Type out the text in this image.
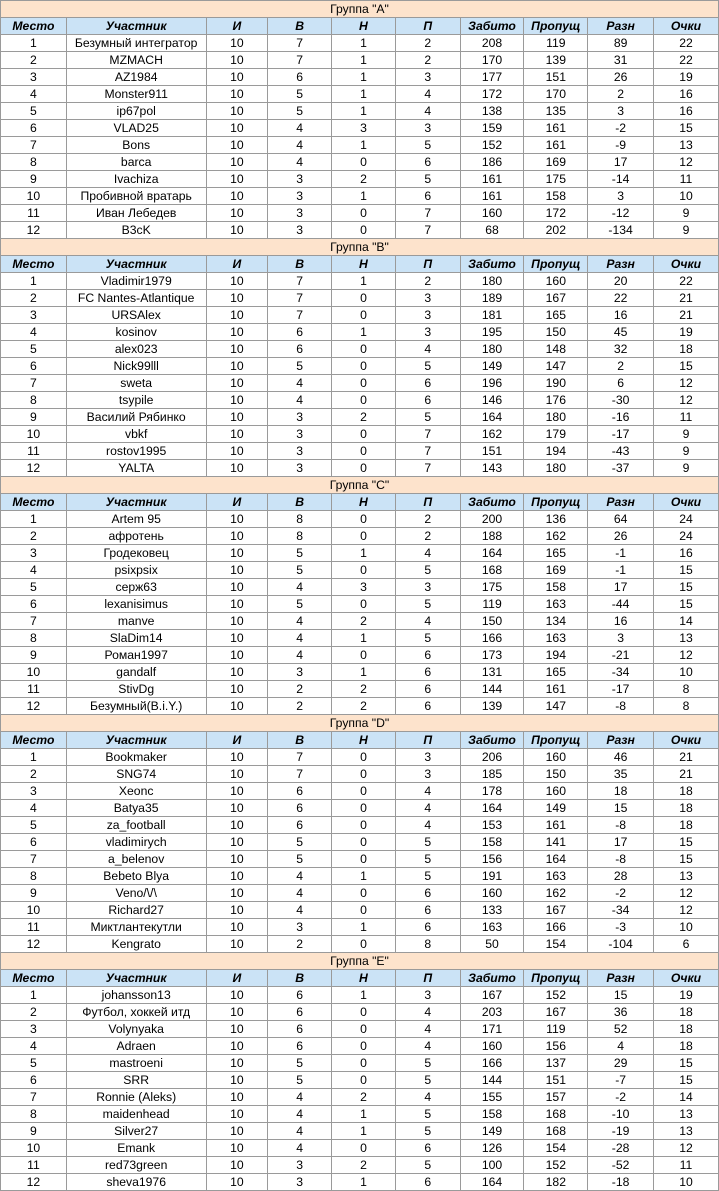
Группа "A"									
Место	Участник	И	В	Н	П	Забито	Пропущ	Разн	Очки
1	Безумный интегратор	10	7	1	2	208	119	89	22
2	MZMACH	10	7	1	2	170	139	31	22
3	AZ1984	10	6	1	3	177	151	26	19
4	Monster911	10	5	1	4	172	170	2	16
5	ip67pol	10	5	1	4	138	135	3	16
6	VLAD25	10	4	3	3	159	161	-2	15
7	Bons	10	4	1	5	152	161	-9	13
8	barca	10	4	0	6	186	169	17	12
9	Ivachiza	10	3	2	5	161	175	-14	11
10	Пробивной вратарь	10	3	1	6	161	158	3	10
11	Иван Лебедев	10	3	0	7	160	172	-12	9
12	B3cK	10	3	0	7	68	202	-134	9
Группа "B"									
Место	Участник	И	В	Н	П	Забито	Пропущ	Разн	Очки
1	Vladimir1979	10	7	1	2	180	160	20	22
2	FC Nantes-Atlantique	10	7	0	3	189	167	22	21
3	URSAlex	10	7	0	3	181	165	16	21
4	kosinov	10	6	1	3	195	150	45	19
5	alex023	10	6	0	4	180	148	32	18
6	Nick99lll	10	5	0	5	149	147	2	15
7	sweta	10	4	0	6	196	190	6	12
8	tsypile	10	4	0	6	146	176	-30	12
9	Василий Рябинко	10	3	2	5	164	180	-16	11
10	vbkf	10	3	0	7	162	179	-17	9
11	rostov1995	10	3	0	7	151	194	-43	9
12	YALTA	10	3	0	7	143	180	-37	9
Группа "C"									
Место	Участник	И	В	Н	П	Забито	Пропущ	Разн	Очки
1	Artem 95	10	8	0	2	200	136	64	24
2	афротень	10	8	0	2	188	162	26	24
3	Гродековец	10	5	1	4	164	165	-1	16
4	psixpsix	10	5	0	5	168	169	-1	15
5	серж63	10	4	3	3	175	158	17	15
6	lexanisimus	10	5	0	5	119	163	-44	15
7	manve	10	4	2	4	150	134	16	14
8	SlaDim14	10	4	1	5	166	163	3	13
9	Роман1997	10	4	0	6	173	194	-21	12
10	gandalf	10	3	1	6	131	165	-34	10
11	StivDg	10	2	2	6	144	161	-17	8
12	Безумный(B.i.Y.)	10	2	2	6	139	147	-8	8
Группа "D"									
Место	Участник	И	В	Н	П	Забито	Пропущ	Разн	Очки
1	Bookmaker	10	7	0	3	206	160	46	21
2	SNG74	10	7	0	3	185	150	35	21
3	Xeonc	10	6	0	4	178	160	18	18
4	Batya35	10	6	0	4	164	149	15	18
5	za_football	10	6	0	4	153	161	-8	18
6	vladimirych	10	5	0	5	158	141	17	15
7	a_belenov	10	5	0	5	156	164	-8	15
8	Bebeto Blya	10	4	1	5	191	163	28	13
9	Veno/\/\	10	4	0	6	160	162	-2	12
10	Richard27	10	4	0	6	133	167	-34	12
11	Миктлантекутли	10	3	1	6	163	166	-3	10
12	Kengrato	10	2	0	8	50	154	-104	6
Группа "E"									
Место	Участник	И	В	Н	П	Забито	Пропущ	Разн	Очки
1	johansson13	10	6	1	3	167	152	15	19
2	Футбол, хоккей итд	10	6	0	4	203	167	36	18
3	Volynyaka	10	6	0	4	171	119	52	18
4	Adraen	10	6	0	4	160	156	4	18
5	mastroeni	10	5	0	5	166	137	29	15
6	SRR	10	5	0	5	144	151	-7	15
7	Ronnie (Aleks)	10	4	2	4	155	157	-2	14
8	maidenhead	10	4	1	5	158	168	-10	13
9	Silver27	10	4	1	5	149	168	-19	13
10	Emank	10	4	0	6	126	154	-28	12
11	red73green	10	3	2	5	100	152	-52	11
12	sheva1976	10	3	1	6	164	182	-18	10
